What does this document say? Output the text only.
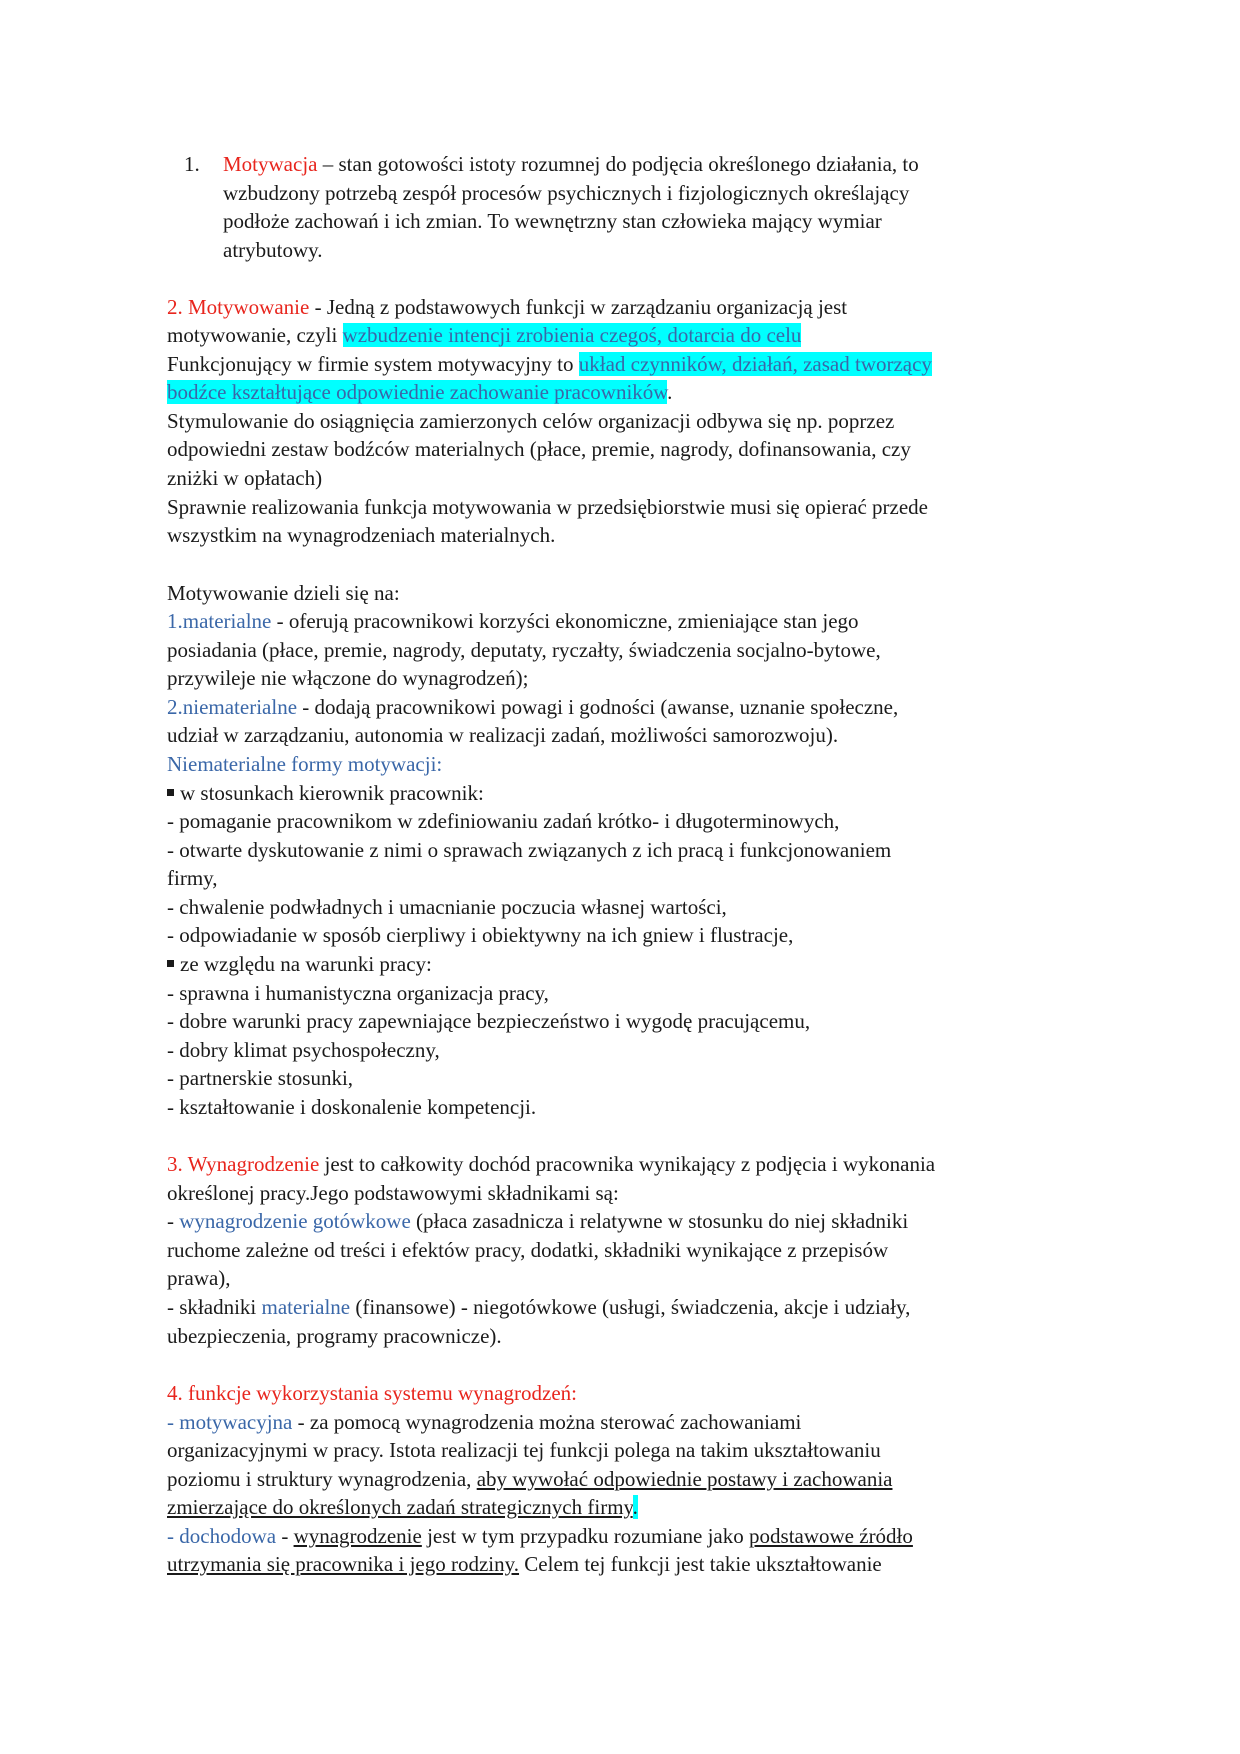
1. Motywacja – stan gotowości istoty rozumnej do podjęcia określonego działania, to
wzbudzony potrzebą zespół procesów psychicznych i fizjologicznych określający
podłoże zachowań i ich zmian. To wewnętrzny stan człowieka mający wymiar
atrybutowy.
2. Motywowanie - Jedną z podstawowych funkcji w zarządzaniu organizacją jest
motywowanie, czyli wzbudzenie intencji zrobienia czegoś, dotarcia do celu
Funkcjonujący w firmie system motywacyjny to układ czynników, działań, zasad tworzący
bodźce kształtujące odpowiednie zachowanie pracowników.
Stymulowanie do osiągnięcia zamierzonych celów organizacji odbywa się np. poprzez
odpowiedni zestaw bodźców materialnych (płace, premie, nagrody, dofinansowania, czy
zniżki w opłatach)
Sprawnie realizowania funkcja motywowania w przedsiębiorstwie musi się opierać przede
wszystkim na wynagrodzeniach materialnych.
Motywowanie dzieli się na:
1.materialne - oferują pracownikowi korzyści ekonomiczne, zmieniające stan jego
posiadania (płace, premie, nagrody, deputaty, ryczałty, świadczenia socjalno-bytowe,
przywileje nie włączone do wynagrodzeń);
2.niematerialne - dodają pracownikowi powagi i godności (awanse, uznanie społeczne,
udział w zarządzaniu, autonomia w realizacji zadań, możliwości samorozwoju).
Niematerialne formy motywacji:
w stosunkach kierownik pracownik:
- pomaganie pracownikom w zdefiniowaniu zadań krótko- i długoterminowych,
- otwarte dyskutowanie z nimi o sprawach związanych z ich pracą i funkcjonowaniem
firmy,
- chwalenie podwładnych i umacnianie poczucia własnej wartości,
- odpowiadanie w sposób cierpliwy i obiektywny na ich gniew i flustracje,
ze względu na warunki pracy:
- sprawna i humanistyczna organizacja pracy,
- dobre warunki pracy zapewniające bezpieczeństwo i wygodę pracującemu,
- dobry klimat psychospołeczny,
- partnerskie stosunki,
- kształtowanie i doskonalenie kompetencji.
3. Wynagrodzenie jest to całkowity dochód pracownika wynikający z podjęcia i wykonania
określonej pracy.Jego podstawowymi składnikami są:
- wynagrodzenie gotówkowe (płaca zasadnicza i relatywne w stosunku do niej składniki
ruchome zależne od treści i efektów pracy, dodatki, składniki wynikające z przepisów
prawa),
- składniki materialne (finansowe) - niegotówkowe (usługi, świadczenia, akcje i udziały,
ubezpieczenia, programy pracownicze).
4. funkcje wykorzystania systemu wynagrodzeń:
- motywacyjna - za pomocą wynagrodzenia można sterować zachowaniami
organizacyjnymi w pracy. Istota realizacji tej funkcji polega na takim ukształtowaniu
poziomu i struktury wynagrodzenia, aby wywołać odpowiednie postawy i zachowania
zmierzające do określonych zadań strategicznych firmy.
- dochodowa - wynagrodzenie jest w tym przypadku rozumiane jako podstawowe źródło
utrzymania się pracownika i jego rodziny. Celem tej funkcji jest takie ukształtowanie
